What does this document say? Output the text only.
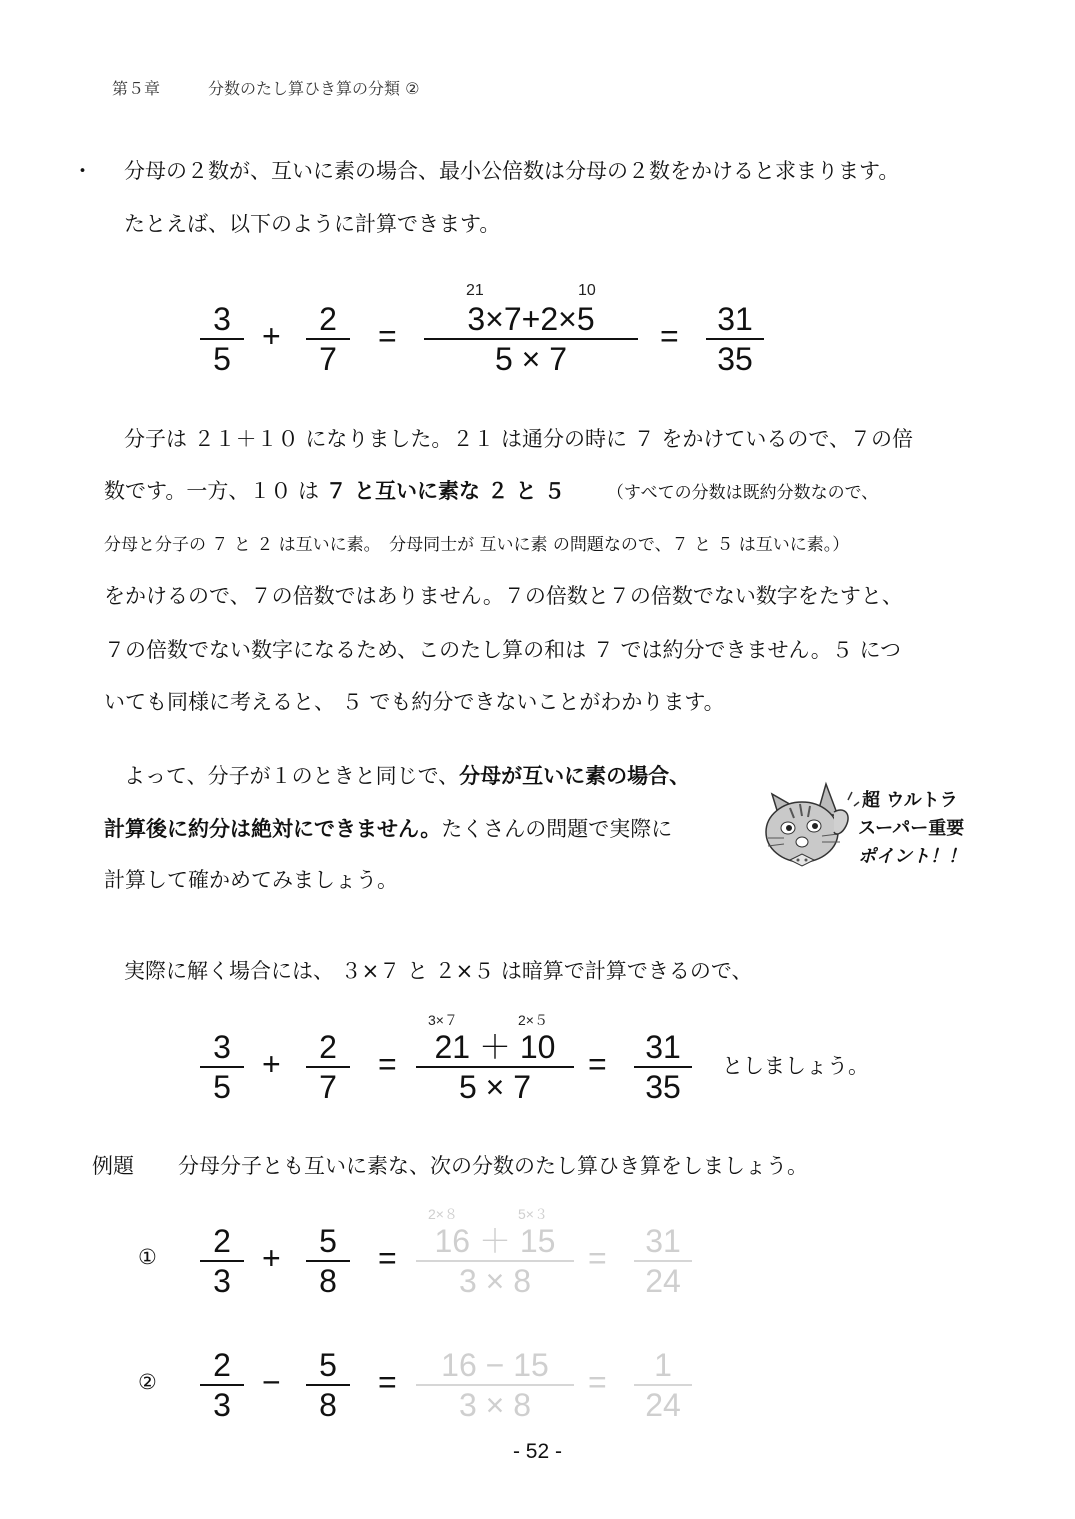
第５章	分数のたし算ひき算の分類 ②
・ 分母の２数が、互いに素の場合、最小公倍数は分母の２数をかけると求まります。
たとえば、以下のように計算できます。
3
5
+ 2
7
=
21	10
3×7+2×5
5 × 7
= 31
35
分子は ２１＋１０ になりました。２１ は通分の時に ７ をかけているので、７の倍
数です。一方、１０ は ７ と互いに素な ２ と ５ （すべての分数は既約分数なので、
分母と分子の ７ と ２ は互いに素。　分母同士が 互いに素 の問題なので、７ と ５ は互いに素。）
をかけるので、７の倍数ではありません。７の倍数と７の倍数でない数字をたすと、
７の倍数でない数字になるため、このたし算の和は ７ では約分できません。５ につ
いても同様に考えると、 ５ でも約分できないことがわかります。
よって、分子が１のときと同じで、分母が互いに素の場合、
計算後に約分は絶対にできません。たくさんの問題で実際に
計算して確かめてみましょう。
超 ウルトラ
スーパー重要
ポイント！！
実際に解く場合には、 ３×７ と ２×５ は暗算で計算できるので、
3
5
+ 2
7
=
3×７	2×５
21 ＋ 10
5 × 7
= 31
35
としましょう。
例題 分母分子とも互いに素な、次の分数のたし算ひき算をしましょう。
① 2
3
+ 5
8
=
2×８	5×３
16 ＋ 15
3 × 8
= 31
24
② 2
3
− 5
8
= 16 − 15
3 × 8
= 1
24
- 52 -
